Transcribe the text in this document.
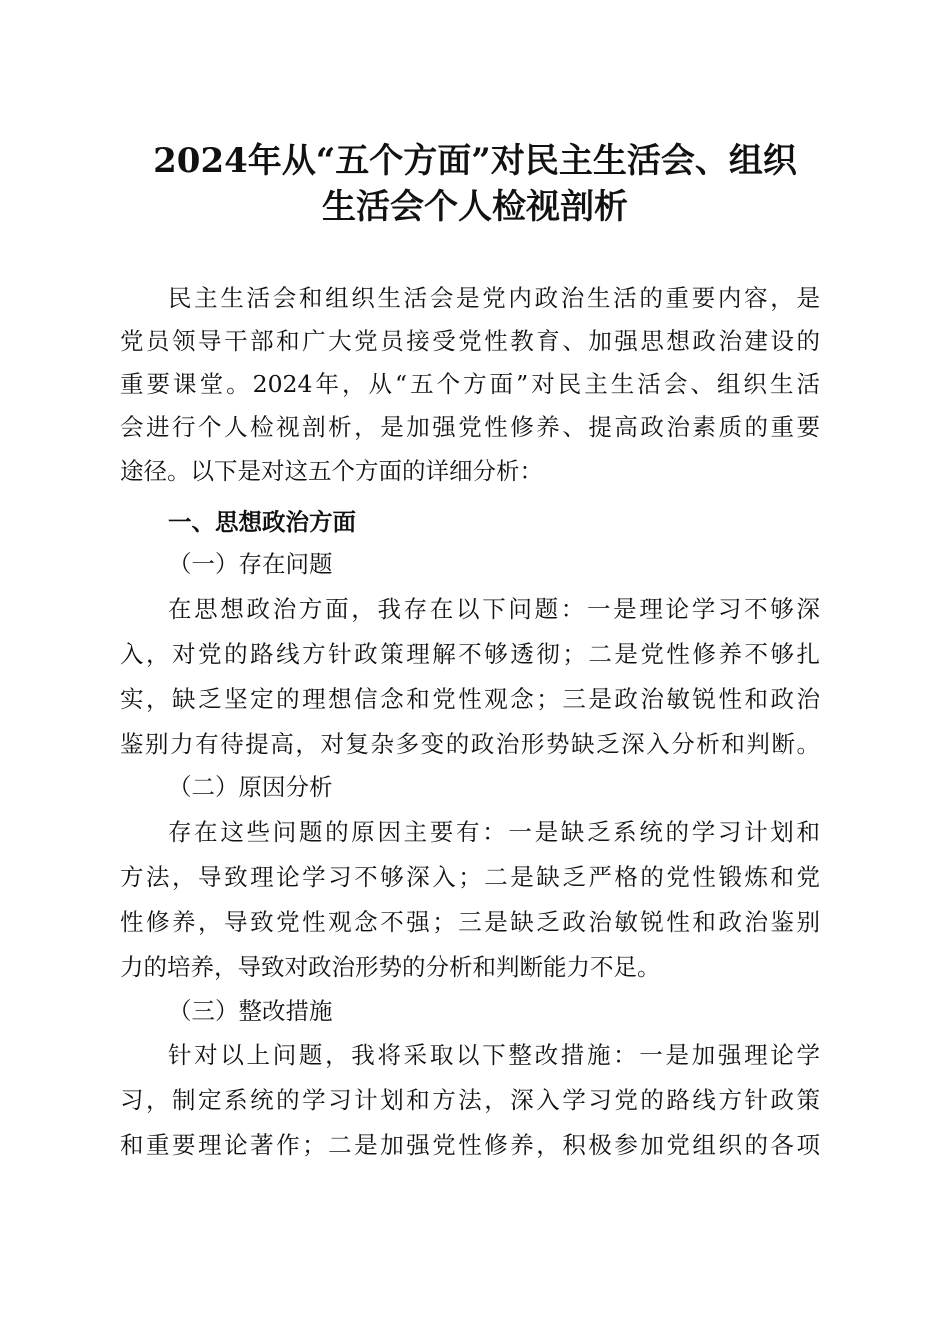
2024年从“五个方面”对民主生活会、组织
生活会个人检视剖析

民主生活会和组织生活会是党内政治生活的重要内容，是

党员领导干部和广大党员接受党性教育、加强思想政治建设的

重要课堂。2024年，从“五个方面”对民主生活会、组织生活

会进行个人检视剖析，是加强党性修养、提高政治素质的重要

途径。以下是对这五个方面的详细分析：

一、思想政治方面

（一）存在问题

在思想政治方面，我存在以下问题：一是理论学习不够深

入，对党的路线方针政策理解不够透彻；二是党性修养不够扎

实，缺乏坚定的理想信念和党性观念；三是政治敏锐性和政治

鉴别力有待提高，对复杂多变的政治形势缺乏深入分析和判断。

（二）原因分析

存在这些问题的原因主要有：一是缺乏系统的学习计划和

方法，导致理论学习不够深入；二是缺乏严格的党性锻炼和党

性修养，导致党性观念不强；三是缺乏政治敏锐性和政治鉴别

力的培养，导致对政治形势的分析和判断能力不足。

（三）整改措施

针对以上问题，我将采取以下整改措施：一是加强理论学

习，制定系统的学习计划和方法，深入学习党的路线方针政策

和重要理论著作；二是加强党性修养，积极参加党组织的各项
